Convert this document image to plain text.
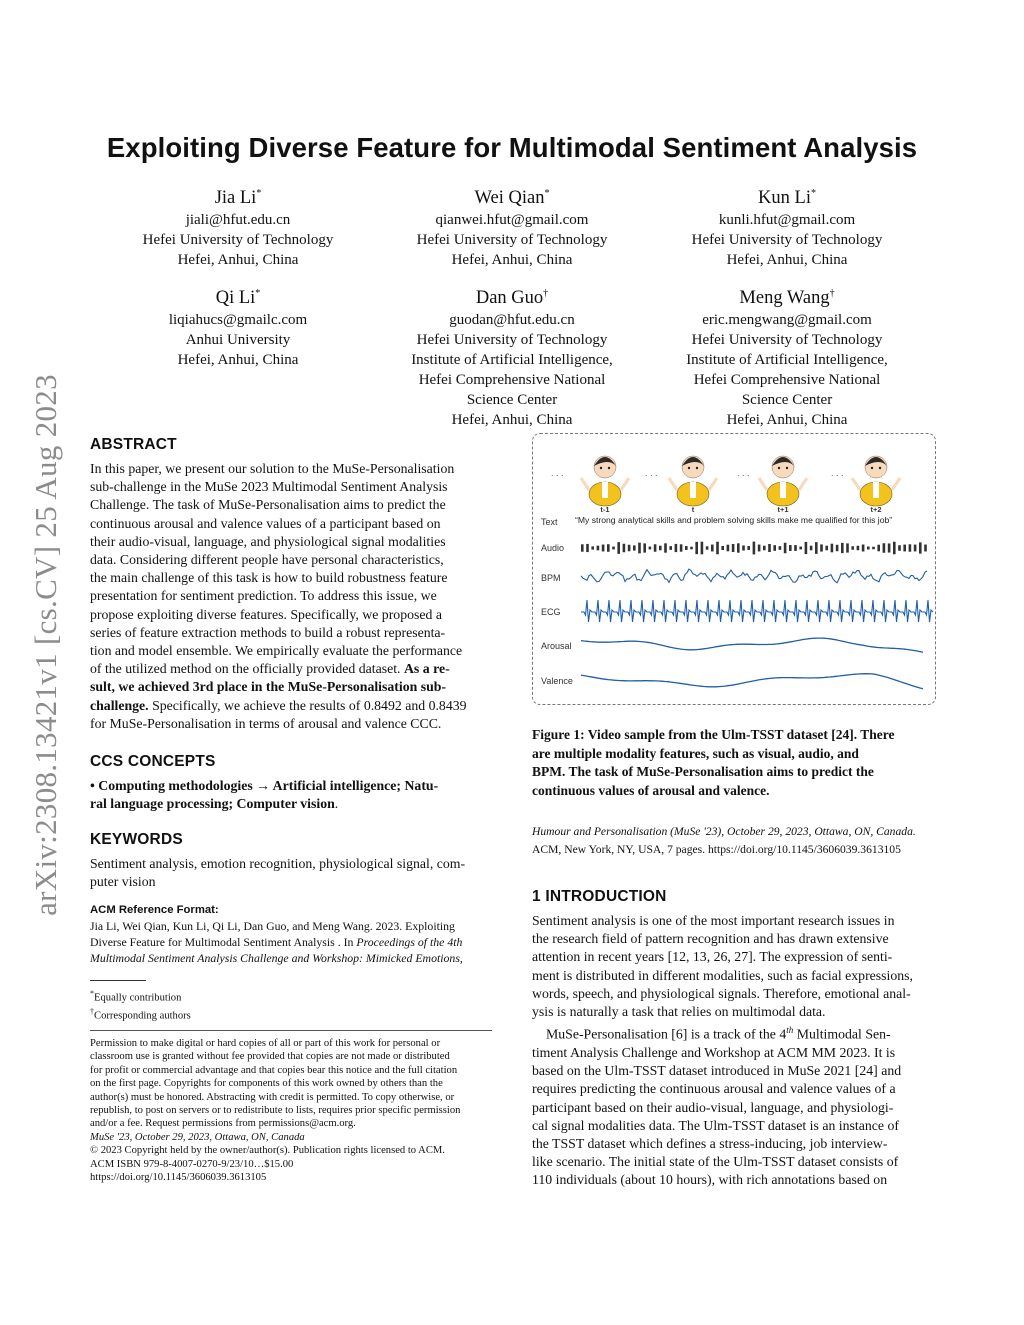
arXiv:2308.13421v1 [cs.CV] 25 Aug 2023
Exploiting Diverse Feature for Multimodal Sentiment Analysis
Jia Li*
jiali@hfut.edu.cn
Hefei University of Technology
Hefei, Anhui, China
Wei Qian*
qianwei.hfut@gmail.com
Hefei University of Technology
Hefei, Anhui, China
Kun Li*
kunli.hfut@gmail.com
Hefei University of Technology
Hefei, Anhui, China
Qi Li*
liqiahucs@gmailc.com
Anhui University
Hefei, Anhui, China
Dan Guo†
guodan@hfut.edu.cn
Hefei University of Technology
Institute of Artificial Intelligence,
Hefei Comprehensive National
Science Center
Hefei, Anhui, China
Meng Wang†
eric.mengwang@gmail.com
Hefei University of Technology
Institute of Artificial Intelligence,
Hefei Comprehensive National
Science Center
Hefei, Anhui, China
ABSTRACT
In this paper, we present our solution to the MuSe-Personalisation
sub-challenge in the MuSe 2023 Multimodal Sentiment Analysis
Challenge. The task of MuSe-Personalisation aims to predict the
continuous arousal and valence values of a participant based on
their audio-visual, language, and physiological signal modalities
data. Considering different people have personal characteristics,
the main challenge of this task is how to build robustness feature
presentation for sentiment prediction. To address this issue, we
propose exploiting diverse features. Specifically, we proposed a
series of feature extraction methods to build a robust representa-
tion and model ensemble. We empirically evaluate the performance
of the utilized method on the officially provided dataset. As a re-
sult, we achieved 3rd place in the MuSe-Personalisation sub-
challenge. Specifically, we achieve the results of 0.8492 and 0.8439
for MuSe-Personalisation in terms of arousal and valence CCC.
CCS CONCEPTS
• Computing methodologies → Artificial intelligence; Natu-
ral language processing; Computer vision.
KEYWORDS
Sentiment analysis, emotion recognition, physiological signal, com-
puter vision
ACM Reference Format:
Jia Li, Wei Qian, Kun Li, Qi Li, Dan Guo, and Meng Wang. 2023. Exploiting
Diverse Feature for Multimodal Sentiment Analysis . In Proceedings of the 4th
Multimodal Sentiment Analysis Challenge and Workshop: Mimicked Emotions,
*Equally contribution
†Corresponding authors
Permission to make digital or hard copies of all or part of this work for personal or
classroom use is granted without fee provided that copies are not made or distributed
for profit or commercial advantage and that copies bear this notice and the full citation
on the first page. Copyrights for components of this work owned by others than the
author(s) must be honored. Abstracting with credit is permitted. To copy otherwise, or
republish, to post on servers or to redistribute to lists, requires prior specific permission
and/or a fee. Request permissions from permissions@acm.org.
MuSe '23, October 29, 2023, Ottawa, ON, Canada
© 2023 Copyright held by the owner/author(s). Publication rights licensed to ACM.
ACM ISBN 979-8-4007-0270-9/23/10…$15.00
https://doi.org/10.1145/3606039.3613105
Text
Audio
BPM
ECG
Arousal
Valence
t-1	t	t+1	t+2
. . .	. . .	. . .	. . .
“My strong analytical skills and problem solving skills make me qualified for this job”
Figure 1: Video sample from the Ulm-TSST dataset [24]. There
are multiple modality features, such as visual, audio, and
BPM. The task of MuSe-Personalisation aims to predict the
continuous values of arousal and valence.
Humour and Personalisation (MuSe '23), October 29, 2023, Ottawa, ON, Canada.
ACM, New York, NY, USA, 7 pages. https://doi.org/10.1145/3606039.3613105
1 INTRODUCTION
Sentiment analysis is one of the most important research issues in
the research field of pattern recognition and has drawn extensive
attention in recent years [12, 13, 26, 27]. The expression of senti-
ment is distributed in different modalities, such as facial expressions,
words, speech, and physiological signals. Therefore, emotional anal-
ysis is naturally a task that relies on multimodal data.
MuSe-Personalisation [6] is a track of the 4th Multimodal Sen-
timent Analysis Challenge and Workshop at ACM MM 2023. It is
based on the Ulm-TSST dataset introduced in MuSe 2021 [24] and
requires predicting the continuous arousal and valence values of a
participant based on their audio-visual, language, and physiologi-
cal signal modalities data. The Ulm-TSST dataset is an instance of
the TSST dataset which defines a stress-inducing, job interview-
like scenario. The initial state of the Ulm-TSST dataset consists of
110 individuals (about 10 hours), with rich annotations based on
